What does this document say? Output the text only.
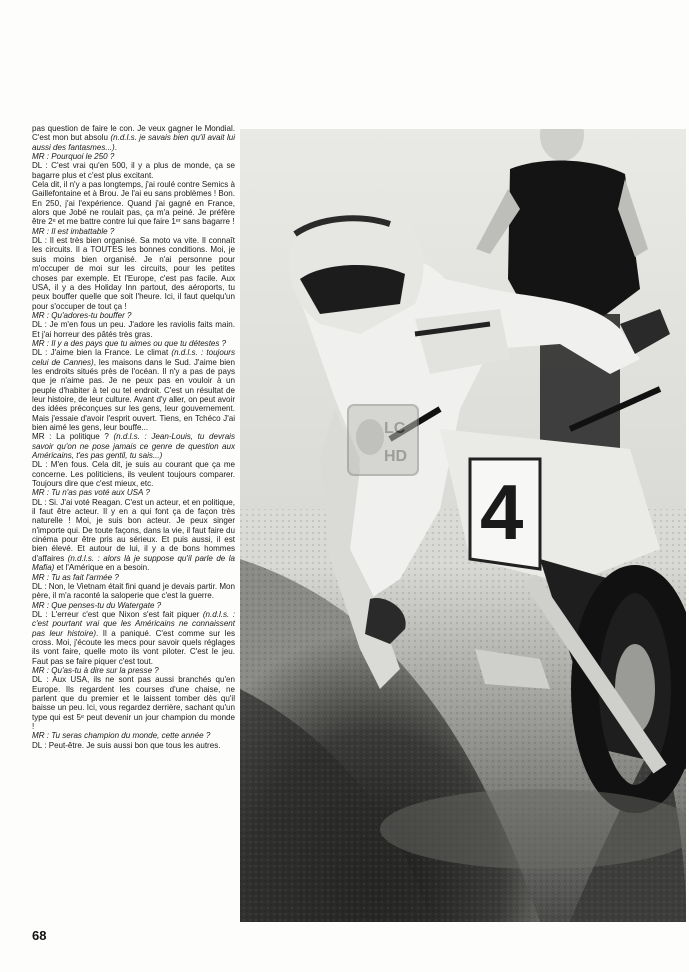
pas question de faire le con. Je veux gagner le Mondial. C'est mon but absolu (n.d.l.s. je savais bien qu'il avait lui aussi des fantasmes...).

MR : Pourquoi le 250 ?

DL : C'est vrai qu'en 500, il y a plus de monde, ça se bagarre plus et c'est plus excitant.

Cela dit, il n'y a pas longtemps, j'ai roulé contre Semics à Gaillefontaine et à Brou. Je l'ai eu sans problèmes ! Bon. En 250, j'ai l'expérience. Quand j'ai gagné en France, alors que Jobé ne roulait pas, ça m'a peiné. Je préfère être 2ᵉ et me battre contre lui que faire 1ᵉʳ sans bagarre !

MR : Il est imbattable ?

DL : Il est très bien organisé. Sa moto va vite. Il connaît les circuits. Il a TOUTES les bonnes conditions. Moi, je suis moins bien organisé. Je n'ai personne pour m'occuper de moi sur les circuits, pour les petites choses par exemple. Et l'Europe, c'est pas facile. Aux USA, il y a des Holiday Inn partout, des aéroports, tu peux bouffer quelle que soit l'heure. Ici, il faut quelqu'un pour s'occuper de tout ça !

MR : Qu'adores-tu bouffer ?

DL : Je m'en fous un peu. J'adore les raviolis faits main. Et j'ai horreur des pâtés très gras.

MR : Il y a des pays que tu aimes ou que tu détestes ?

DL : J'aime bien la France. Le climat (n.d.l.s. : toujours celui de Cannes), les maisons dans le Sud. J'aime bien les endroits situés près de l'océan. Il n'y a pas de pays que je n'aime pas. Je ne peux pas en vouloir à un peuple d'habiter à tel ou tel endroit. C'est un résultat de leur histoire, de leur culture. Avant d'y aller, on peut avoir des idées préconçues sur les gens, leur gouvernement. Mais j'essaie d'avoir l'esprit ouvert. Tiens, en Tchéco J'ai bien aimé les gens, leur bouffe...

MR : La politique ? (n.d.l.s. : Jean-Louis, tu devrais savoir qu'on ne pose jamais ce genre de question aux Américains, t'es pas gentil, tu sais...)

DL : M'en fous. Cela dit, je suis au courant que ça me concerne. Les politiciens, ils veulent toujours comparer. Toujours dire que c'est mieux, etc.

MR : Tu n'as pas voté aux USA ?

DL : Si. J'ai voté Reagan. C'est un acteur, et en politique, il faut être acteur. Il y en a qui font ça de façon très naturelle ! Moi, je suis bon acteur. Je peux singer n'importe qui. De toute façons, dans la vie, il faut faire du cinéma pour être pris au sérieux. Et puis aussi, il est bien élevé. Et autour de lui, il y a de bons hommes d'affaires (n.d.l.s. : alors là je suppose qu'il parle de la Mafia) et l'Amérique en a besoin.

MR : Tu as fait l'armée ?

DL : Non, le Vietnam était fini quand je devais partir. Mon père, il m'a raconté la saloperie que c'est la guerre.

MR : Que penses-tu du Watergate ?

DL : L'erreur c'est que Nixon s'est fait piquer (n.d.l.s. : c'est pourtant vrai que les Américains ne connaissent pas leur histoire). Il a paniqué. C'est comme sur les cross. Moi, j'écoute les mecs pour savoir quels réglages ils vont faire, quelle moto ils vont piloter. C'est le jeu. Faut pas se faire piquer c'est tout.

MR : Qu'as-tu à dire sur la presse ?

DL : Aux USA, ils ne sont pas aussi branchés qu'en Europe. Ils regardent les courses d'une chaise, ne parlent que du premier et le laissent tomber dès qu'il baisse un peu. Ici, vous regardez derrière, sachant qu'un type qui est 5ᵉ peut devenir un jour champion du monde !

MR : Tu seras champion du monde, cette année ?

DL : Peut-être. Je suis aussi bon que tous les autres.

4
LC
HD
68
